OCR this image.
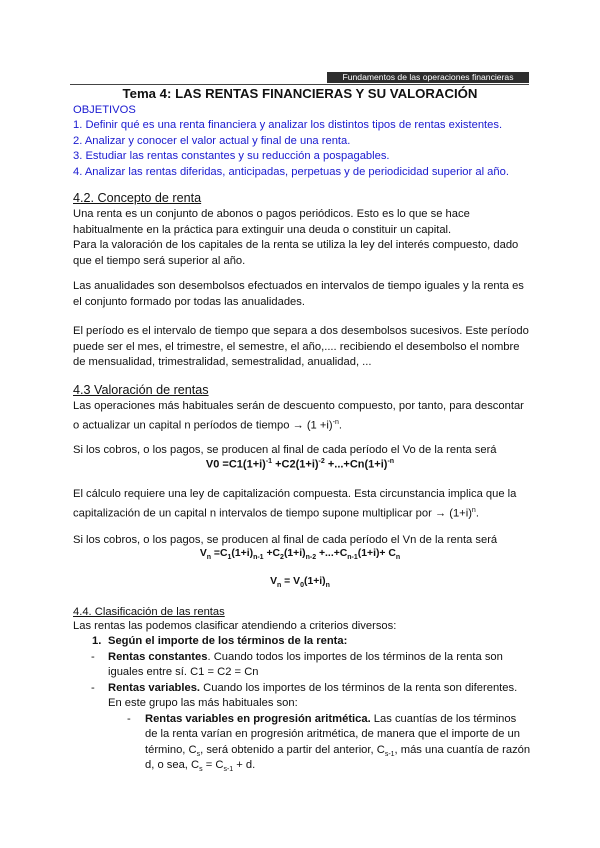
Fundamentos de las operaciones financieras
Tema 4: LAS RENTAS FINANCIERAS Y SU VALORACIÓN
OBJETIVOS
1. Definir qué es una renta financiera y analizar los distintos tipos de rentas existentes.
2. Analizar y conocer el valor actual y final de una renta.
3. Estudiar las rentas constantes y su reducción a pospagables.
4. Analizar las rentas diferidas, anticipadas, perpetuas y de periodicidad superior al año.
4.2. Concepto de renta
Una renta es un conjunto de abonos o pagos periódicos. Esto es lo que se hace
habitualmente en la práctica para extinguir una deuda o constituir un capital.
Para la valoración de los capitales de la renta se utiliza la ley del interés compuesto, dado
que el tiempo será superior al año.
Las anualidades son desembolsos efectuados en intervalos de tiempo iguales y la renta es
el conjunto formado por todas las anualidades.
El período es el intervalo de tiempo que separa a dos desembolsos sucesivos. Este período
puede ser el mes, el trimestre, el semestre, el año,.... recibiendo el desembolso el nombre
de mensualidad, trimestralidad, semestralidad, anualidad, ...
4.3 Valoración de rentas
Las operaciones más habituales serán de descuento compuesto, por tanto, para descontar
o actualizar un capital n períodos de tiempo → $(1 +i)^{-n}$.
Si los cobros, o los pagos, se producen al final de cada período el Vo de la renta será
$V0 =C1(1+i)^{-1} +C2(1+i)^{-2} +...+Cn(1+i)^{-n}$
El cálculo requiere una ley de capitalización compuesta. Esta circunstancia implica que la
capitalización de un capital n intervalos de tiempo supone multiplicar por → $(1+i)^n$.
Si los cobros, o los pagos, se producen al final de cada período el Vn de la renta será
$V_n =C_1(1+i)_{n-1} +C_2(1+i)_{n-2} +...+C_{n-1}(1+i)+ C_n$
$V_n = V_0(1+i)_n$
4.4. Clasificación de las rentas
Las rentas las podemos clasificar atendiendo a criterios diversos:
1. Según el importe de los términos de la renta:
- Rentas constantes. Cuando todos los importes de los términos de la renta son
iguales entre sí. C1 = C2 = Cn
- Rentas variables. Cuando los importes de los términos de la renta son diferentes.
En este grupo las más habituales son:
- Rentas variables en progresión aritmética. Las cuantías de los términos
de la renta varían en progresión aritmética, de manera que el importe de un
término, $C_s$, será obtenido a partir del anterior, $C_{s-1}$, más una cuantía de razón
d, o sea, $C_s = C_{s-1} + d$.
